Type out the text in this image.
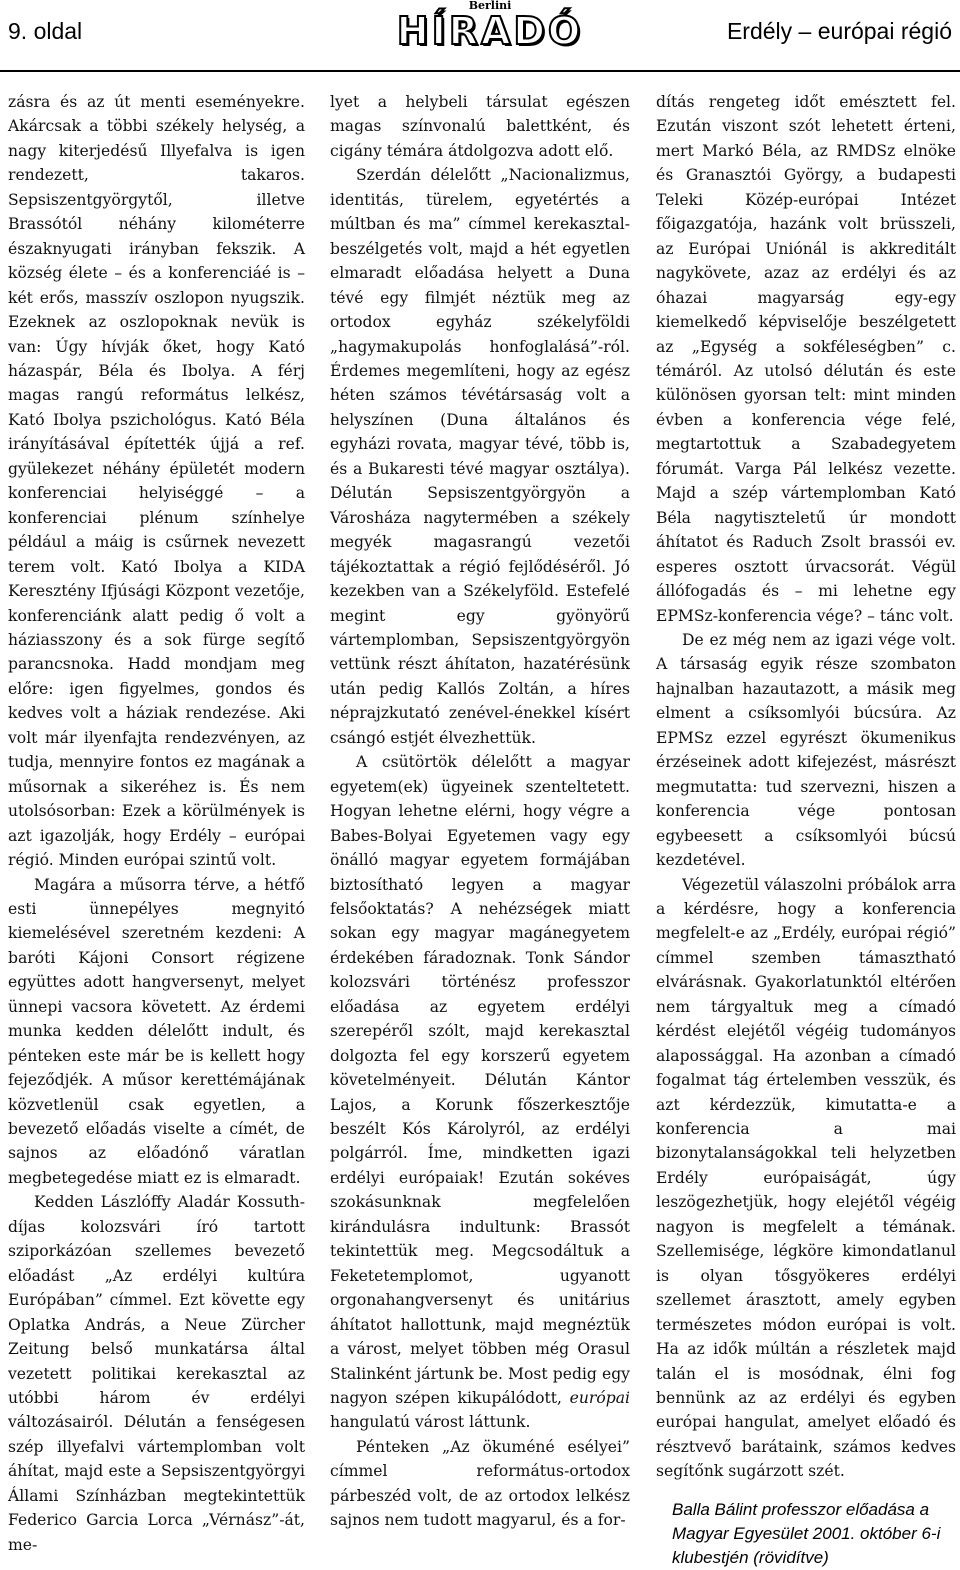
9. oldal
Berlini
HÍRADÓ	Erdély – európai régió

zásra és az út menti eseményekre. Akárcsak a többi székely helység, a nagy kiterjedésű Illyefalva is igen rendezett, takaros. Sepsiszentgyörgytől, illetve Brassótól néhány kilométerre északnyugati irányban fekszik. A község élete – és a konferenciáé is – két erős, masszív oszlopon nyugszik. Ezeknek az oszlopoknak nevük is van: Úgy hívják őket, hogy Kató házaspár, Béla és Ibolya. A férj magas rangú református lelkész, Kató Ibolya pszichológus. Kató Béla irányításával építették újjá a ref. gyülekezet néhány épületét modern konferenciai helyiséggé – a konferenciai plénum színhelye például a máig is csűrnek nevezett terem volt. Kató Ibolya a KIDA Keresztény Ifjúsági Központ vezetője, konferenciánk alatt pedig ő volt a háziasszony és a sok fürge segítő parancsnoka. Hadd mondjam meg előre: igen figyelmes, gondos és kedves volt a háziak rendezése. Aki volt már ilyenfajta rendezvényen, az tudja, mennyire fontos ez magának a műsornak a sikeréhez is. És nem utolsósorban: Ezek a körülmények is azt igazolják, hogy Erdély – európai régió. Minden európai szintű volt.

Magára a műsorra térve, a hétfő esti ünnepélyes megnyitó kiemelésével szeretném kezdeni: A baróti Kájoni Consort régizene együttes adott hangversenyt, melyet ünnepi vacsora követett. Az érdemi munka kedden délelőtt indult, és pénteken este már be is kellett hogy fejeződjék. A műsor kerettémájának közvetlenül csak egyetlen, a bevezető előadás viselte a címét, de sajnos az előadónő váratlan megbetegedése miatt ez is elmaradt.

Kedden Lászlóffy Aladár Kossuth-díjas kolozsvári író tartott sziporkázóan szellemes bevezető előadást „Az erdélyi kultúra Európában” címmel. Ezt követte egy Oplatka András, a Neue Zürcher Zeitung belső munkatársa által vezetett politikai kerekasztal az utóbbi három év erdélyi változásairól. Délután a fenségesen szép illyefalvi vártemplomban volt áhítat, majd este a Sepsiszentgyörgyi Állami Színházban megtekintettük Federico Garcia Lorca „Vérnász”-át, me-

lyet a helybeli társulat egészen magas színvonalú balettként, és cigány témára átdolgozva adott elő.

Szerdán délelőtt „Nacionalizmus, identitás, türelem, egyetértés a múltban és ma” címmel kerekasztal-beszélgetés volt, majd a hét egyetlen elmaradt előadása helyett a Duna tévé egy filmjét néztük meg az ortodox egyház székelyföldi „hagymakupolás honfoglalásá”-ról. Érdemes megemlíteni, hogy az egész héten számos tévétársaság volt a helyszínen (Duna általános és egyházi rovata, magyar tévé, több is, és a Bukaresti tévé magyar osztálya). Délután Sepsiszentgyörgyön a Városháza nagytermében a székely megyék magasrangú vezetői tájékoztattak a régió fejlődéséről. Jó kezekben van a Székelyföld. Estefelé megint egy gyönyörű vártemplomban, Sepsiszentgyörgyön vettünk részt áhítaton, hazatérésünk után pedig Kallós Zoltán, a híres néprajzkutató zenével-énekkel kísért csángó estjét élvezhettük.

A csütörtök délelőtt a magyar egyetem(ek) ügyeinek szenteltetett. Hogyan lehetne elérni, hogy végre a Babes-Bolyai Egyetemen vagy egy önálló magyar egyetem formájában biztosítható legyen a magyar felsőoktatás? A nehézségek miatt sokan egy magyar magánegyetem érdekében fáradoznak. Tonk Sándor kolozsvári történész professzor előadása az egyetem erdélyi szerepéről szólt, majd kerekasztal dolgozta fel egy korszerű egyetem követelményeit. Délután Kántor Lajos, a Korunk főszerkesztője beszélt Kós Károlyról, az erdélyi polgárról. Íme, mindketten igazi erdélyi európaiak! Ezután sokéves szokásunknak megfelelően kirándulásra indultunk: Brassót tekintettük meg. Megcsodáltuk a Feketetemplomot, ugyanott orgonahangversenyt és unitárius áhítatot hallottunk, majd megnéztük a várost, melyet többen még Orasul Stalinként jártunk be. Most pedig egy nagyon szépen kikupálódott, európai hangulatú várost láttunk.

Pénteken „Az ökuméné esélyei” címmel református-ortodox párbeszéd volt, de az ortodox lelkész sajnos nem tudott magyarul, és a for-

dítás rengeteg időt emésztett fel. Ezután viszont szót lehetett érteni, mert Markó Béla, az RMDSz elnöke és Granasztói György, a budapesti Teleki Közép-európai Intézet főigazgatója, hazánk volt brüsszeli, az Európai Uniónál is akkreditált nagykövete, azaz az erdélyi és az óhazai magyarság egy-egy kiemelkedő képviselője beszélgetett az „Egység a sokféleségben” c. témáról. Az utolsó délután és este különösen gyorsan telt: mint minden évben a konferencia vége felé, megtartottuk a Szabadegyetem fórumát. Varga Pál lelkész vezette. Majd a szép vártemplomban Kató Béla nagytiszteletű úr mondott áhítatot és Raduch Zsolt brassói ev. esperes osztott úrvacsorát. Végül állófogadás és – mi lehetne egy EPMSz-konferencia vége? – tánc volt.

De ez még nem az igazi vége volt. A társaság egyik része szombaton hajnalban hazautazott, a másik meg elment a csíksomlyói búcsúra. Az EPMSz ezzel egyrészt ökumenikus érzéseinek adott kifejezést, másrészt megmutatta: tud szervezni, hiszen a konferencia vége pontosan egybeesett a csíksomlyói búcsú kezdetével.

Végezetül válaszolni próbálok arra a kérdésre, hogy a konferencia megfelelt-e az „Erdély, európai régió” címmel szemben támasztható elvárásnak. Gyakorlatunktól eltérően nem tárgyaltuk meg a címadó kérdést elejétől végéig tudományos alapossággal. Ha azonban a címadó fogalmat tág értelemben vesszük, és azt kérdezzük, kimutatta-e a konferencia a mai bizonytalanságokkal teli helyzetben Erdély európaiságát, úgy leszögezhetjük, hogy elejétől végéig nagyon is megfelelt a témának. Szellemisége, légköre kimondatlanul is olyan tősgyökeres erdélyi szellemet árasztott, amely egyben természetes módon európai is volt. Ha az idők múltán a részletek majd talán el is mosódnak, élni fog bennünk az az erdélyi és egyben európai hangulat, amelyet előadó és résztvevő barátaink, számos kedves segítőnk sugárzott szét.

Balla Bálint professzor előadása a Magyar Egyesület 2001. október 6-i klubestjén (rövidítve)
